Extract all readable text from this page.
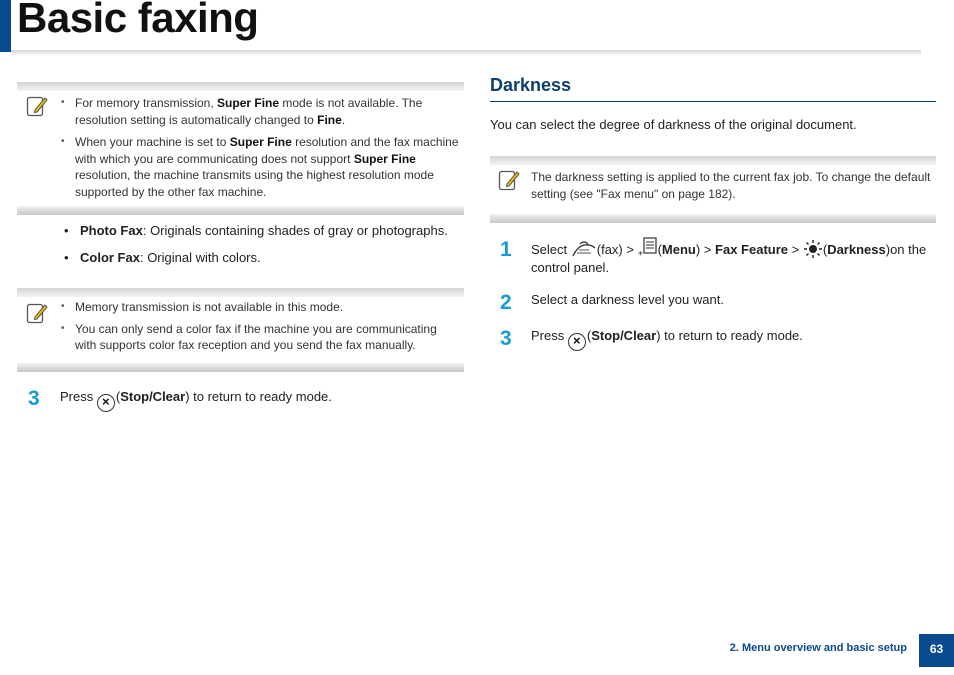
Basic faxing
• For memory transmission, Super Fine mode is not available. The resolution setting is automatically changed to Fine.
• When your machine is set to Super Fine resolution and the fax machine with which you are communicating does not support Super Fine resolution, the machine transmits using the highest resolution mode supported by the other fax machine.
• Photo Fax: Originals containing shades of gray or photographs.
• Color Fax: Original with colors.
• Memory transmission is not available in this mode.
• You can only send a color fax if the machine you are communicating with supports color fax reception and you send the fax manually.
3 Press × (Stop/Clear) to return to ready mode.
Darkness
You can select the degree of darkness of the original document.
The darkness setting is applied to the current fax job. To change the default setting (see "Fax menu" on page 182).
1 Select (fax) > * (Menu) > Fax Feature > (Darkness)on the control panel.
2 Select a darkness level you want.
3 Press × (Stop/Clear) to return to ready mode.
2. Menu overview and basic setup	63
